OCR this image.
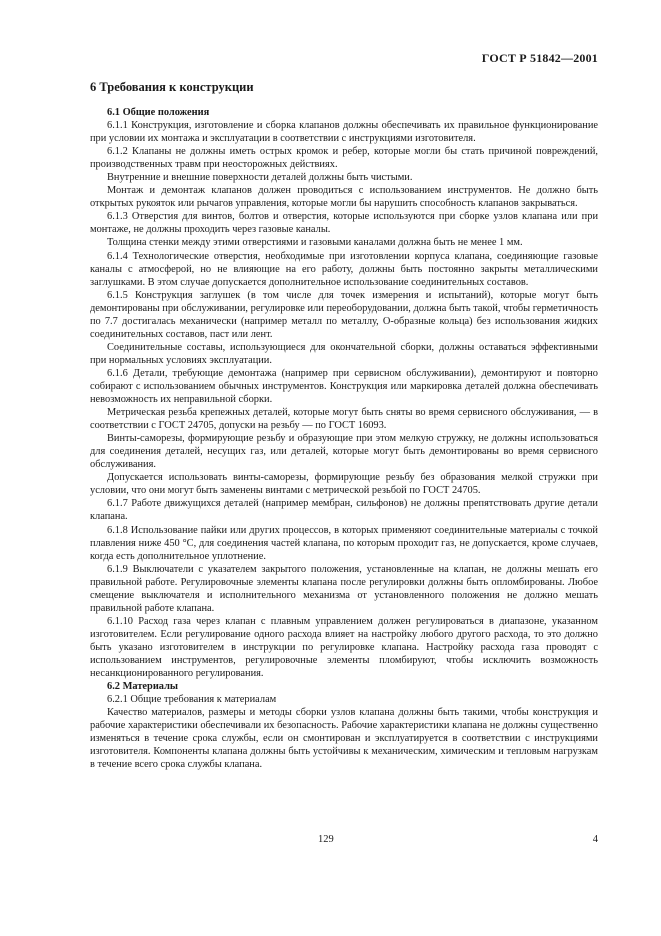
ГОСТ Р 51842—2001
6 Требования к конструкции

6.1 Общие положения

6.1.1 Конструкция, изготовление и сборка клапанов должны обеспечивать их правильное функционирование при условии их монтажа и эксплуатации в соответствии с инструкциями изготовителя.

6.1.2 Клапаны не должны иметь острых кромок и ребер, которые могли бы стать причиной повреждений, производственных травм при неосторожных действиях.

Внутренние и внешние поверхности деталей должны быть чистыми.

Монтаж и демонтаж клапанов должен проводиться с использованием инструментов. Не должно быть открытых рукояток или рычагов управления, которые могли бы нарушить способность клапанов закрываться.

6.1.3 Отверстия для винтов, болтов и отверстия, которые используются при сборке узлов клапана или при монтаже, не должны проходить через газовые каналы.

Толщина стенки между этими отверстиями и газовыми каналами должна быть не менее 1 мм.

6.1.4 Технологические отверстия, необходимые при изготовлении корпуса клапана, соединяющие газовые каналы с атмосферой, но не влияющие на его работу, должны быть постоянно закрыты металлическими заглушками. В этом случае допускается дополнительное использование соединительных составов.

6.1.5 Конструкция заглушек (в том числе для точек измерения и испытаний), которые могут быть демонтированы при обслуживании, регулировке или переоборудовании, должна быть такой, чтобы герметичность по 7.7 достигалась механически (например металл по металлу, О-образные кольца) без использования жидких соединительных составов, паст или лент.

Соединительные составы, использующиеся для окончательной сборки, должны оставаться эффективными при нормальных условиях эксплуатации.

6.1.6 Детали, требующие демонтажа (например при сервисном обслуживании), демонтируют и повторно собирают с использованием обычных инструментов. Конструкция или маркировка деталей должна обеспечивать невозможность их неправильной сборки.

Метрическая резьба крепежных деталей, которые могут быть сняты во время сервисного обслуживания, — в соответствии с ГОСТ 24705, допуски на резьбу — по ГОСТ 16093.

Винты-саморезы, формирующие резьбу и образующие при этом мелкую стружку, не должны использоваться для соединения деталей, несущих газ, или деталей, которые могут быть демонтированы во время сервисного обслуживания.

Допускается использовать винты-саморезы, формирующие резьбу без образования мелкой стружки при условии, что они могут быть заменены винтами с метрической резьбой по ГОСТ 24705.

6.1.7 Работе движущихся деталей (например мембран, сильфонов) не должны препятствовать другие детали клапана.

6.1.8 Использование пайки или других процессов, в которых применяют соединительные материалы с точкой плавления ниже 450 °С, для соединения частей клапана, по которым проходит газ, не допускается, кроме случаев, когда есть дополнительное уплотнение.

6.1.9 Выключатели с указателем закрытого положения, установленные на клапан, не должны мешать его правильной работе. Регулировочные элементы клапана после регулировки должны быть опломбированы. Любое смещение выключателя и исполнительного механизма от установленного положения не должно мешать правильной работе клапана.

6.1.10 Расход газа через клапан с плавным управлением должен регулироваться в диапазоне, указанном изготовителем. Если регулирование одного расхода влияет на настройку любого другого расхода, то это должно быть указано изготовителем в инструкции по регулировке клапана. Настройку расхода газа проводят с использованием инструментов, регулировочные элементы пломбируют, чтобы исключить возможность несанкционированного регулирования.

6.2 Материалы

6.2.1 Общие требования к материалам

Качество материалов, размеры и методы сборки узлов клапана должны быть такими, чтобы конструкция и рабочие характеристики обеспечивали их безопасность. Рабочие характеристики клапана не должны существенно изменяться в течение срока службы, если он смонтирован и эксплуатируется в соответствии с инструкциями изготовителя. Компоненты клапана должны быть устойчивы к механическим, химическим и тепловым нагрузкам в течение всего срока службы клапана.

129	4
